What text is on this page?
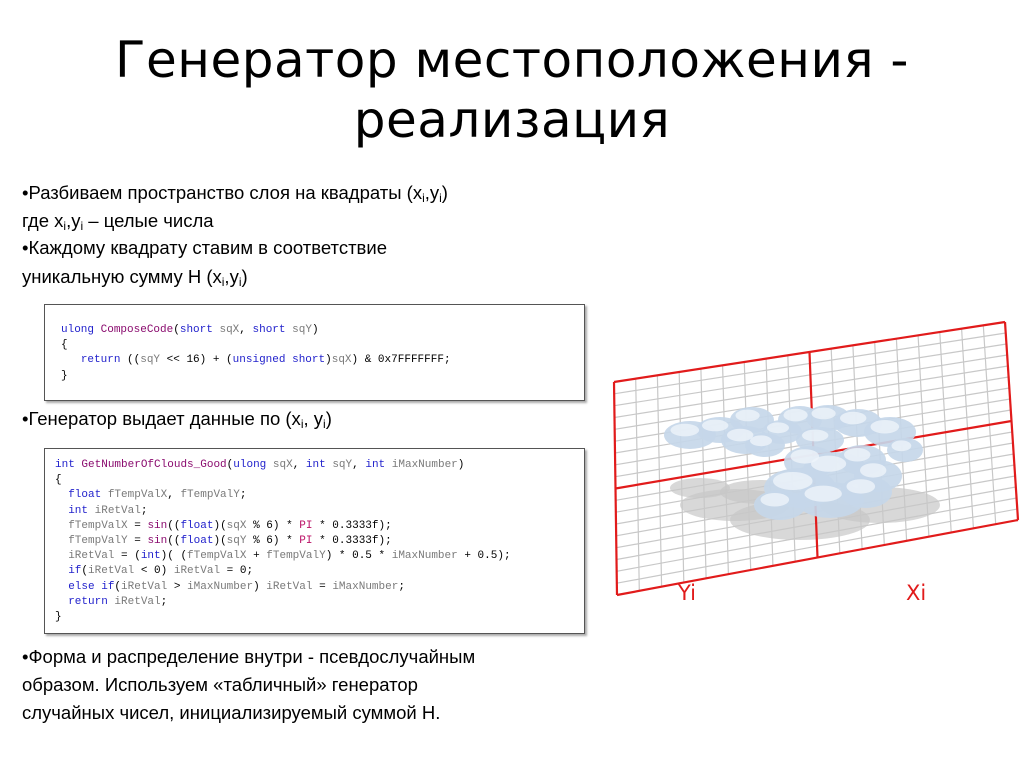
Генератор местоположения -
реализация
•Разбиваем пространство слоя на квадраты $(x_i,y_i)$
где $x_i,y_i$ – целые числа
•Каждому квадрату ставим в соответствие
уникальную сумму H $(x_i,y_i)$
ulong ComposeCode(short sqX, short sqY)
{
return ((sqY << 16) + (unsigned short)sqX) & 0x7FFFFFFF;
}
•Генератор выдает данные по ($x_i$, $y_i$)
int GetNumberOfClouds_Good(ulong sqX, int sqY, int iMaxNumber)
{
float fTempValX, fTempValY;
int iRetVal;
fTempValX = sin((float)(sqX % 6) * PI * 0.3333f);
fTempValY = sin((float)(sqY % 6) * PI * 0.3333f);
iRetVal = (int)( (fTempValX + fTempValY) * 0.5 * iMaxNumber + 0.5);
if(iRetVal < 0) iRetVal = 0;
else if(iRetVal > iMaxNumber) iRetVal = iMaxNumber;
return iRetVal;
}
•Форма и распределение внутри - псевдослучайным
образом. Используем «табличный» генератор
случайных чисел, инициализируемый суммой H.
Yi	Xi
